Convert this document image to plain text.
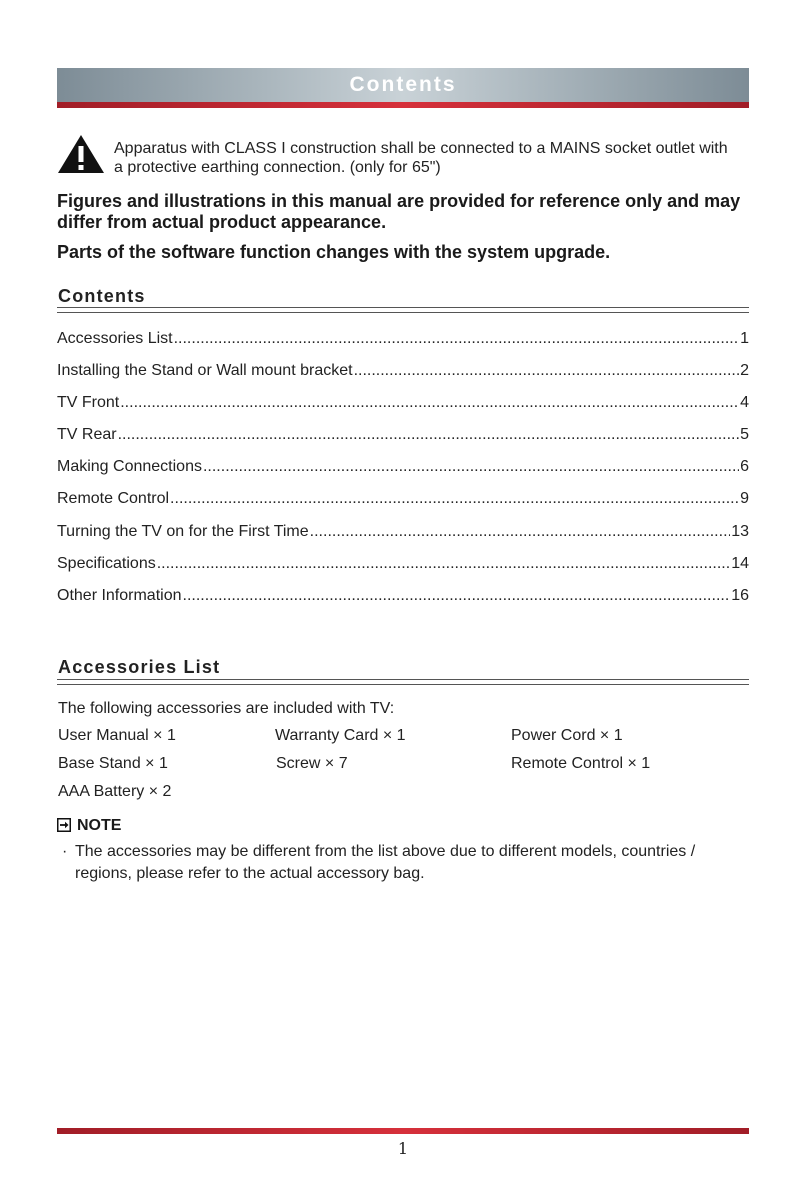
Contents
Apparatus with CLASS I construction shall be connected to a MAINS socket outlet with a protective earthing connection. (only for 65")
Figures and illustrations in this manual are provided for reference only and may differ from actual product appearance.
Parts of the software function changes with the system upgrade.
Contents
Accessories List .....	1
Installing the Stand or Wall mount bracket .....	2
TV Front .....	4
TV Rear .....	5
Making Connections .....	6
Remote Control .....	9
Turning the TV on for the First Time .....	13
Specifications .....	14
Other Information .....	16
Accessories List
The following accessories are included with TV:
User Manual × 1	Warranty Card × 1	Power Cord × 1
Base Stand × 1	Screw × 7	Remote Control × 1
AAA Battery × 2
NOTE
· The accessories may be different from the list above due to different models, countries / regions, please refer to the actual accessory bag.
1
